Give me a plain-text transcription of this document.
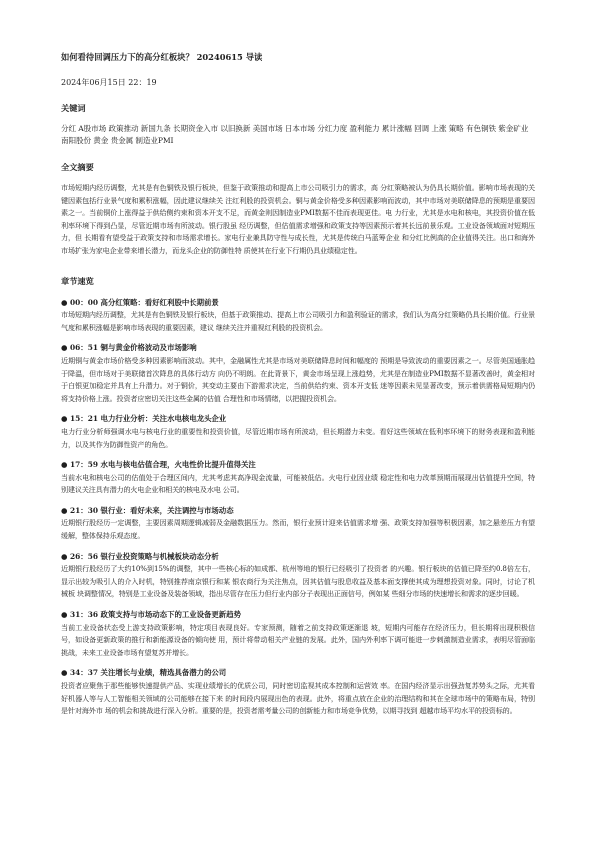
如何看待回调压力下的高分红板块？ 20240615 导读
2024年06月15日 22：19
关键词
分红 A股市场 政策推动 新国九条 长期资金入市 以旧换新 美国市场 日本市场 分红力度 盈利能力 累计涨幅 回调 上涨 策略 有色铜铁 紫金矿业 南阳股份 黄金 贵金属 制造业PMI
全文摘要
市场短期内经历调整，尤其是有色铜铁及银行板块，但鉴于政策推动和提高上市公司吸引力的需求，高 分红策略被认为仍具长期价值。影响市场表现的关键因素包括行业景气度和累积涨幅，因此建议继续关 注红利股的投资机会。铜与黄金价格受多种因素影响而波动，其中市场对美联储降息的预期是重要因素之一。当前铜价上涨得益于供给侧约束和资本开支不足，而黄金则因制造业PMI数据不佳而表现更佳。电 力行业，尤其是水电和核电，其投资价值在低利率环境下得到凸显，尽管近期市场有所波动。银行股虽 经历调整，但估值需求增强和政策支持等因素预示着其长远前景乐观。工业设备领域面对短期压力，但 长期看有望受益于政策支持和市场需求增长。家电行业兼具防守性与成长性，尤其是传统白马蓝筹企业 和分红比例高的企业值得关注。出口和海外市场扩张为家电企业带来增长潜力，而龙头企业的防御性特 质使其在行业下行期仍具业绩稳定性。
章节速览
● 00：00 高分红策略：看好红利股中长期前景
市场短期内经历调整，尤其是有色铜铁及银行板块，但基于政策推动、提高上市公司吸引力和盈利验证的需求，我们认为高分红策略仍具长期价值。行业景气度和累积涨幅是影响市场表现的重要因素，建议 继续关注并重视红利股的投资机会。
● 06：51 铜与黄金价格波动及市场影响
近期铜与黄金市场价格受多种因素影响而波动。其中，金融属性尤其是市场对美联储降息时间和幅度的 预期是导致波动的重要因素之一。尽管美国通胀趋于降温，但市场对于美联储首次降息的具体行动方 向仍不明朗。在此背景下，黄金市场呈现上涨趋势，尤其是在制造业PMI数据不显著改善时，黄金相对 于白银更加稳定并具有上升潜力。对于铜价，其变动主要由下游需求决定，当前供给约束、资本开支低 迷等因素未见显著改变，预示着供需格局短期内仍将支持价格上涨。投资者应密切关注这些金属的估值 合理性和市场情绪，以把握投资机会。
● 15：21 电力行业分析：关注水电核电龙头企业
电力行业分析师强调水电与核电行业的重要性和投资价值，尽管近期市场有所波动，但长期潜力未变。看好这些领域在低利率环境下的财务表现和盈利能力，以及其作为防御性资产的角色。
● 17：59 水电与核电估值合理，火电性价比提升值得关注
当前水电和核电公司的估值处于合理区间内，尤其考虑其高净现金流量，可能被低估。火电行业因业绩 稳定性和电力改革预期而展现出估值提升空间，特别建议关注具有潜力的火电企业和相关的核电及水电 公司。
● 21：30 银行业：看好未来，关注调控与市场动态
近期银行股经历一定调整，主要因素周期逻辑减弱及金融数据压力。然而，银行业预计迎来估值需求增 强、政策支持加强等积极因素，加之悬差压力有望缓解，整体保持乐观态度。
● 26：56 银行业投资策略与机械板块动态分析
近期银行股经历了大约10%到15%的调整，其中一些核心标的如成都、杭州等地的银行已经吸引了投资者 的兴趣。银行板块的估值已降至约0.8倍左右，显示出较为吸引人的介入时机，特别推荐南京银行和某 银农商行为关注焦点，因其估值与股息收益及基本面支撑使其成为理想投资对象。同时，讨论了机械板 块调整情况，特别是工业设备及装备领域，指出尽管存在压力但行业内部分子表现出正面信号，例如某 些细分市场的快速增长和需求的逐步回暖。
● 31：36 政策支持与市场动态下的工业设备更新趋势
当前工业设备状态受上游支持政策影响，特定项目表现良好。专家预测，随着之前支持政策逐渐退 坡，短期内可能存在经济压力，但长期将出现积极信号，如设备更新政策的推行和新能源设备的倾向使 用，预计将带动相关产业链的发展。此外，国内外利率下调可能进一步刺激制造业需求，表明尽管面临 挑战，未来工业设备市场有望复苏并增长。
● 34：37 关注增长与业绩，精选具备潜力的公司
投资者应聚焦于那些能够快速提供产品、实现业绩增长的优质公司，同时密切监视其成本控制和运营效 率。在国内经济显示出强劲复苏势头之际，尤其看好机器人等与人工智能相关领域的公司能够在接下来 的时间段内展现出色的表现。此外，将重点放在企业的治理结构和其在全球市场中的策略布局，特别是针对海外市 场的机会和挑战进行深入分析。重要的是，投资者需考量公司的创新能力和市场竞争优势，以期寻找到 超越市场平均水平的投资标的。
